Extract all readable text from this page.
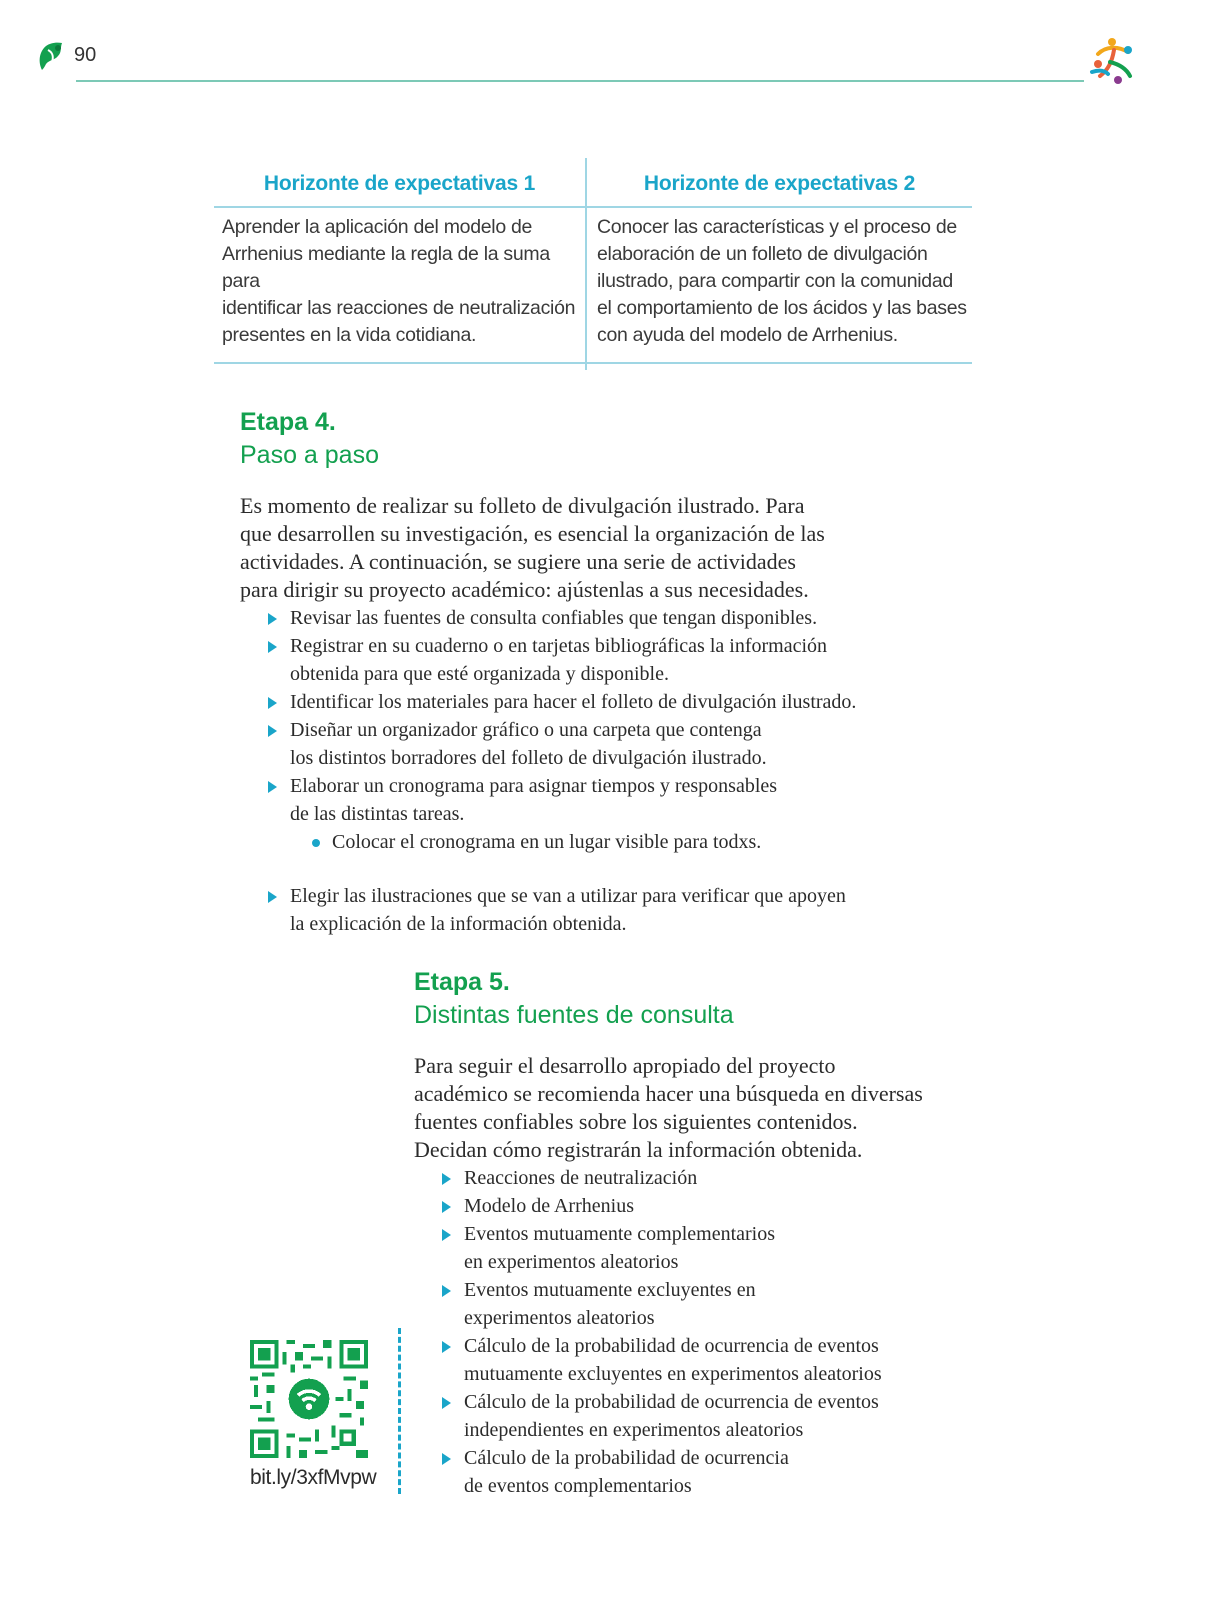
90
Horizonte de expectativas 1	Horizonte de expectativas 2
Aprender la aplicación del modelo de
Arrhenius mediante la regla de la suma para
identificar las reacciones de neutralización
presentes en la vida cotidiana.
Conocer las características y el proceso de
elaboración de un folleto de divulgación
ilustrado, para compartir con la comunidad
el comportamiento de los ácidos y las bases
con ayuda del modelo de Arrhenius.
Etapa 4.
Paso a paso
Es momento de realizar su folleto de divulgación ilustrado. Para
que desarrollen su investigación, es esencial la organización de las
actividades. A continuación, se sugiere una serie de actividades
para dirigir su proyecto académico: ajústenlas a sus necesidades.
Revisar las fuentes de consulta confiables que tengan disponibles.
Registrar en su cuaderno o en tarjetas bibliográficas la información
obtenida para que esté organizada y disponible.
Identificar los materiales para hacer el folleto de divulgación ilustrado.
Diseñar un organizador gráfico o una carpeta que contenga
los distintos borradores del folleto de divulgación ilustrado.
Elaborar un cronograma para asignar tiempos y responsables
de las distintas tareas.
Colocar el cronograma en un lugar visible para todxs.
Elegir las ilustraciones que se van a utilizar para verificar que apoyen
la explicación de la información obtenida.
Etapa 5.
Distintas fuentes de consulta
Para seguir el desarrollo apropiado del proyecto
académico se recomienda hacer una búsqueda en diversas
fuentes confiables sobre los siguientes contenidos.
Decidan cómo registrarán la información obtenida.
Reacciones de neutralización
Modelo de Arrhenius
Eventos mutuamente complementarios
en experimentos aleatorios
Eventos mutuamente excluyentes en
experimentos aleatorios
Cálculo de la probabilidad de ocurrencia de eventos
mutuamente excluyentes en experimentos aleatorios
Cálculo de la probabilidad de ocurrencia de eventos
independientes en experimentos aleatorios
Cálculo de la probabilidad de ocurrencia
de eventos complementarios
bit.ly/3xfMvpw
